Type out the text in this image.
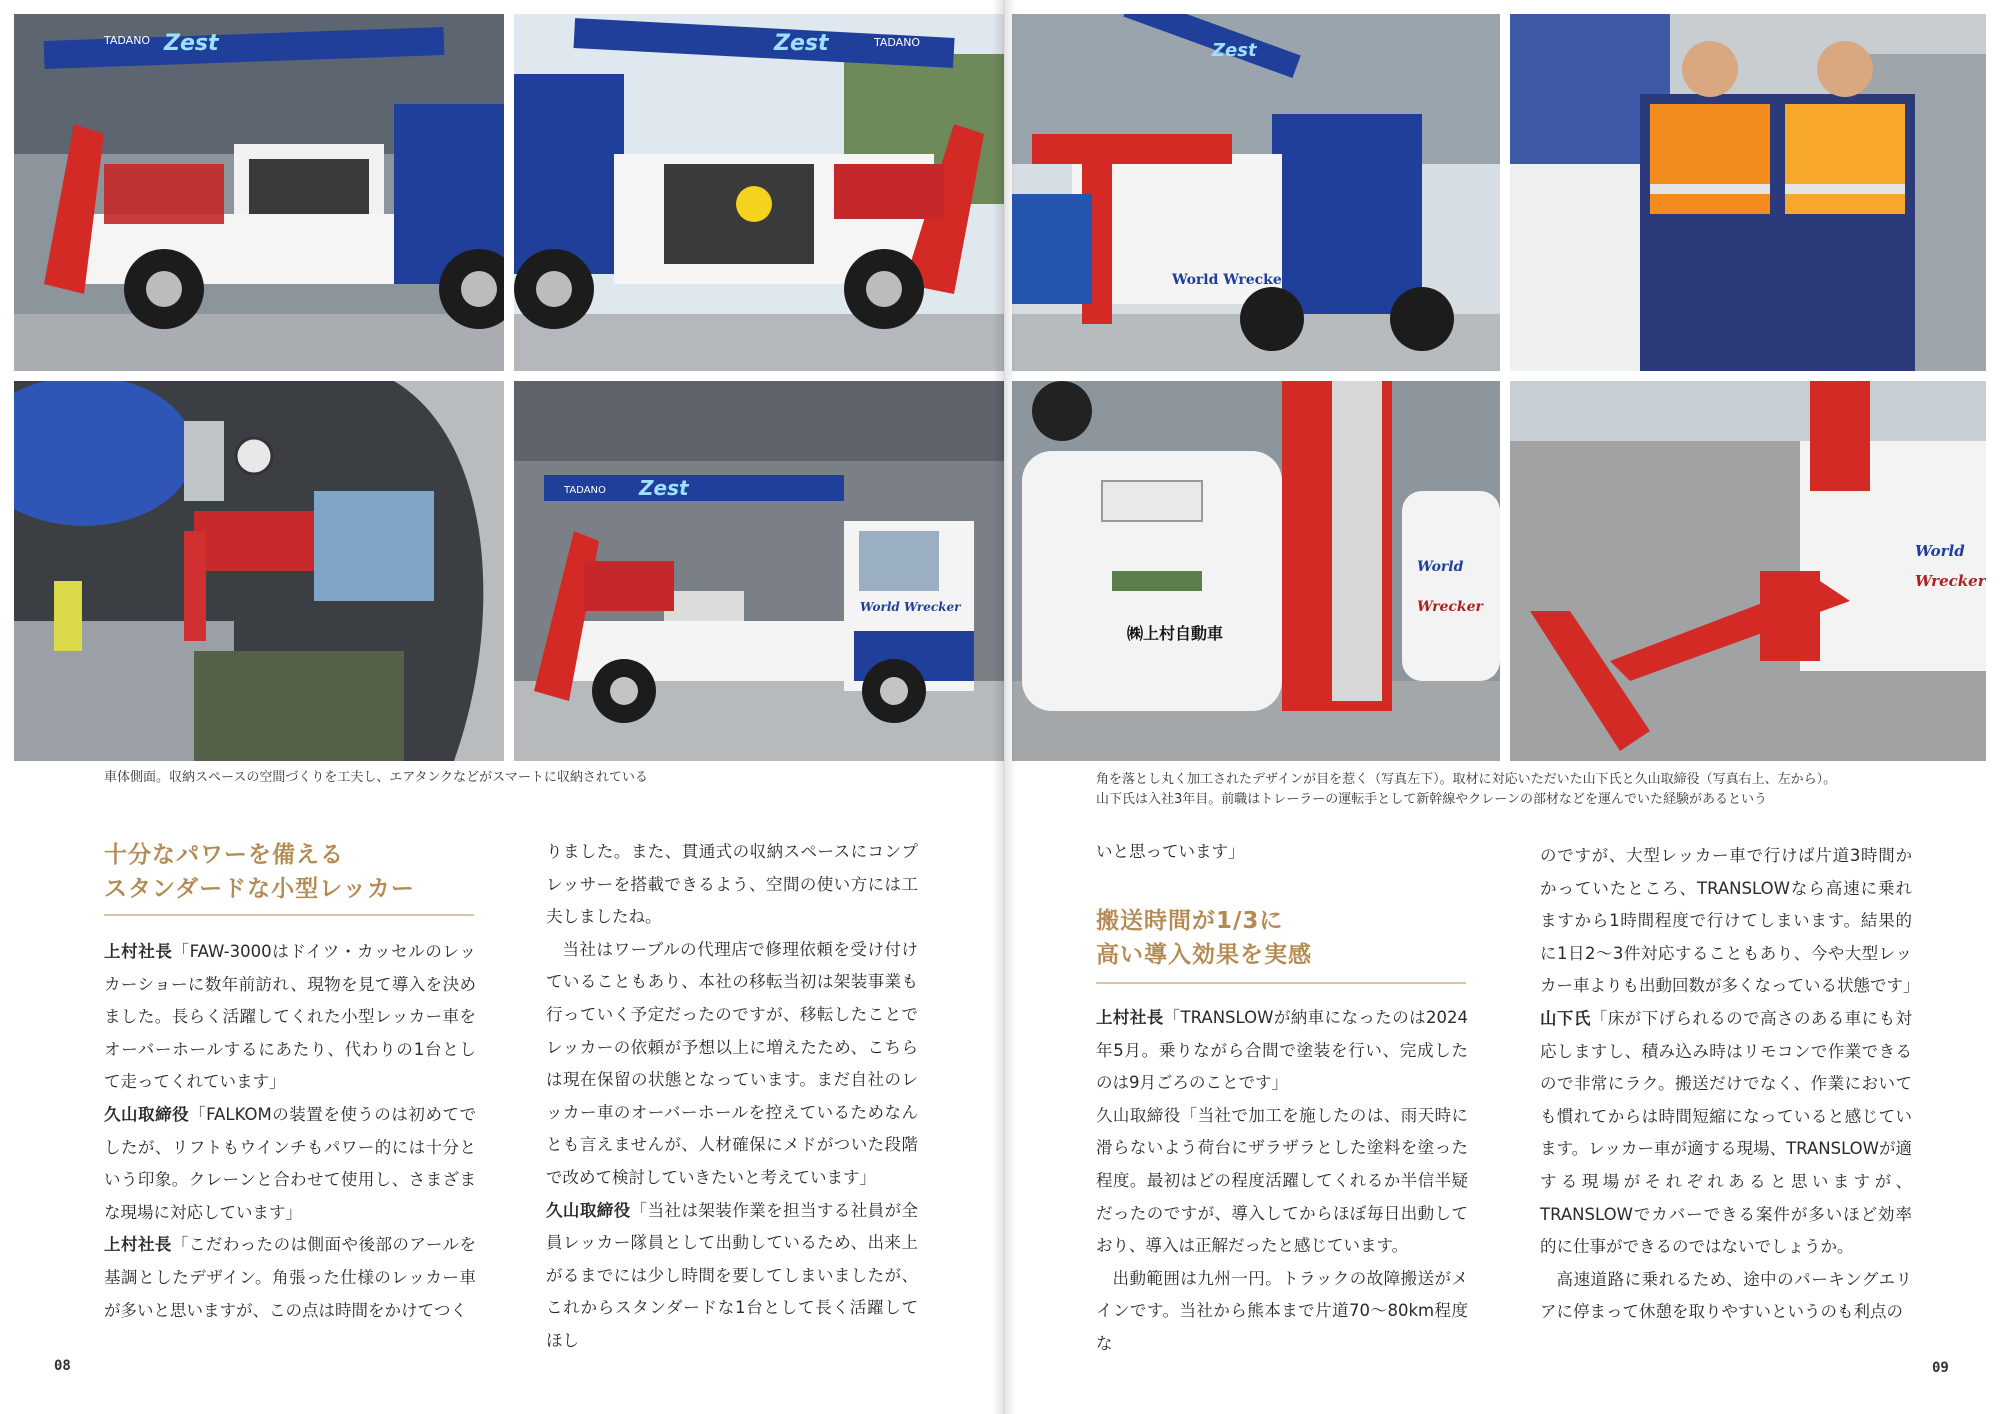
Zest
TADANO	Zest	TADANO	Zest
World Wrecker
Zest
TADANO
World Wrecker
㈱上村自動車
World
Wrecker
World
Wrecker
車体側面。収納スペースの空間づくりを工夫し、エアタンクなどがスマートに収納されている	角を落とし丸く加工されたデザインが目を惹く（写真左下）。取材に対応いただいた山下氏と久山取締役（写真右上、左から）。
山下氏は入社3年目。前職はトレーラーの運転手として新幹線やクレーンの部材などを運んでいた経験があるという
十分なパワーを備える
スタンダードな小型レッカー

上村社長「FAW-3000はドイツ・カッセルのレッカーショーに数年前訪れ、現物を見て導入を決めました。長らく活躍してくれた小型レッカー車をオーバーホールするにあたり、代わりの1台として走ってくれています」

久山取締役「FALKOMの装置を使うのは初めてでしたが、リフトもウインチもパワー的には十分という印象。クレーンと合わせて使用し、さまざまな現場に対応しています」

上村社長「こだわったのは側面や後部のアールを基調としたデザイン。角張った仕様のレッカー車が多いと思いますが、この点は時間をかけてつく

りました。また、貫通式の収納スペースにコンプレッサーを搭載できるよう、空間の使い方には工夫しましたね。

当社はワーブルの代理店で修理依頼を受け付けていることもあり、本社の移転当初は架装事業も行っていく予定だったのですが、移転したことでレッカーの依頼が予想以上に増えたため、こちらは現在保留の状態となっています。まだ自社のレッカー車のオーバーホールを控えているためなんとも言えませんが、人材確保にメドがついた段階で改めて検討していきたいと考えています」

久山取締役「当社は架装作業を担当する社員が全員レッカー隊員として出動しているため、出来上がるまでには少し時間を要してしまいましたが、これからスタンダードな1台として長く活躍してほし

08

いと思っています」

搬送時間が1/3に
高い導入効果を実感

上村社長「TRANSLOWが納車になったのは2024年5月。乗りながら合間で塗装を行い、完成したのは9月ごろのことです」

久山取締役「当社で加工を施したのは、雨天時に滑らないよう荷台にザラザラとした塗料を塗った程度。最初はどの程度活躍してくれるか半信半疑だったのですが、導入してからほぼ毎日出動しており、導入は正解だったと感じています。

出動範囲は九州一円。トラックの故障搬送がメインです。当社から熊本まで片道70〜80km程度な

のですが、大型レッカー車で行けば片道3時間かかっていたところ、TRANSLOWなら高速に乗れますから1時間程度で行けてしまいます。結果的に1日2〜3件対応することもあり、今や大型レッカー車よりも出動回数が多くなっている状態です」

山下氏「床が下げられるので高さのある車にも対応しますし、積み込み時はリモコンで作業できるので非常にラク。搬送だけでなく、作業においても慣れてからは時間短縮になっていると感じています。レッカー車が適する現場、TRANSLOWが適する現場がそれぞれあると思いますが、TRANSLOWでカバーできる案件が多いほど効率的に仕事ができるのではないでしょうか。

高速道路に乗れるため、途中のパーキングエリアに停まって休憩を取りやすいというのも利点の

09
